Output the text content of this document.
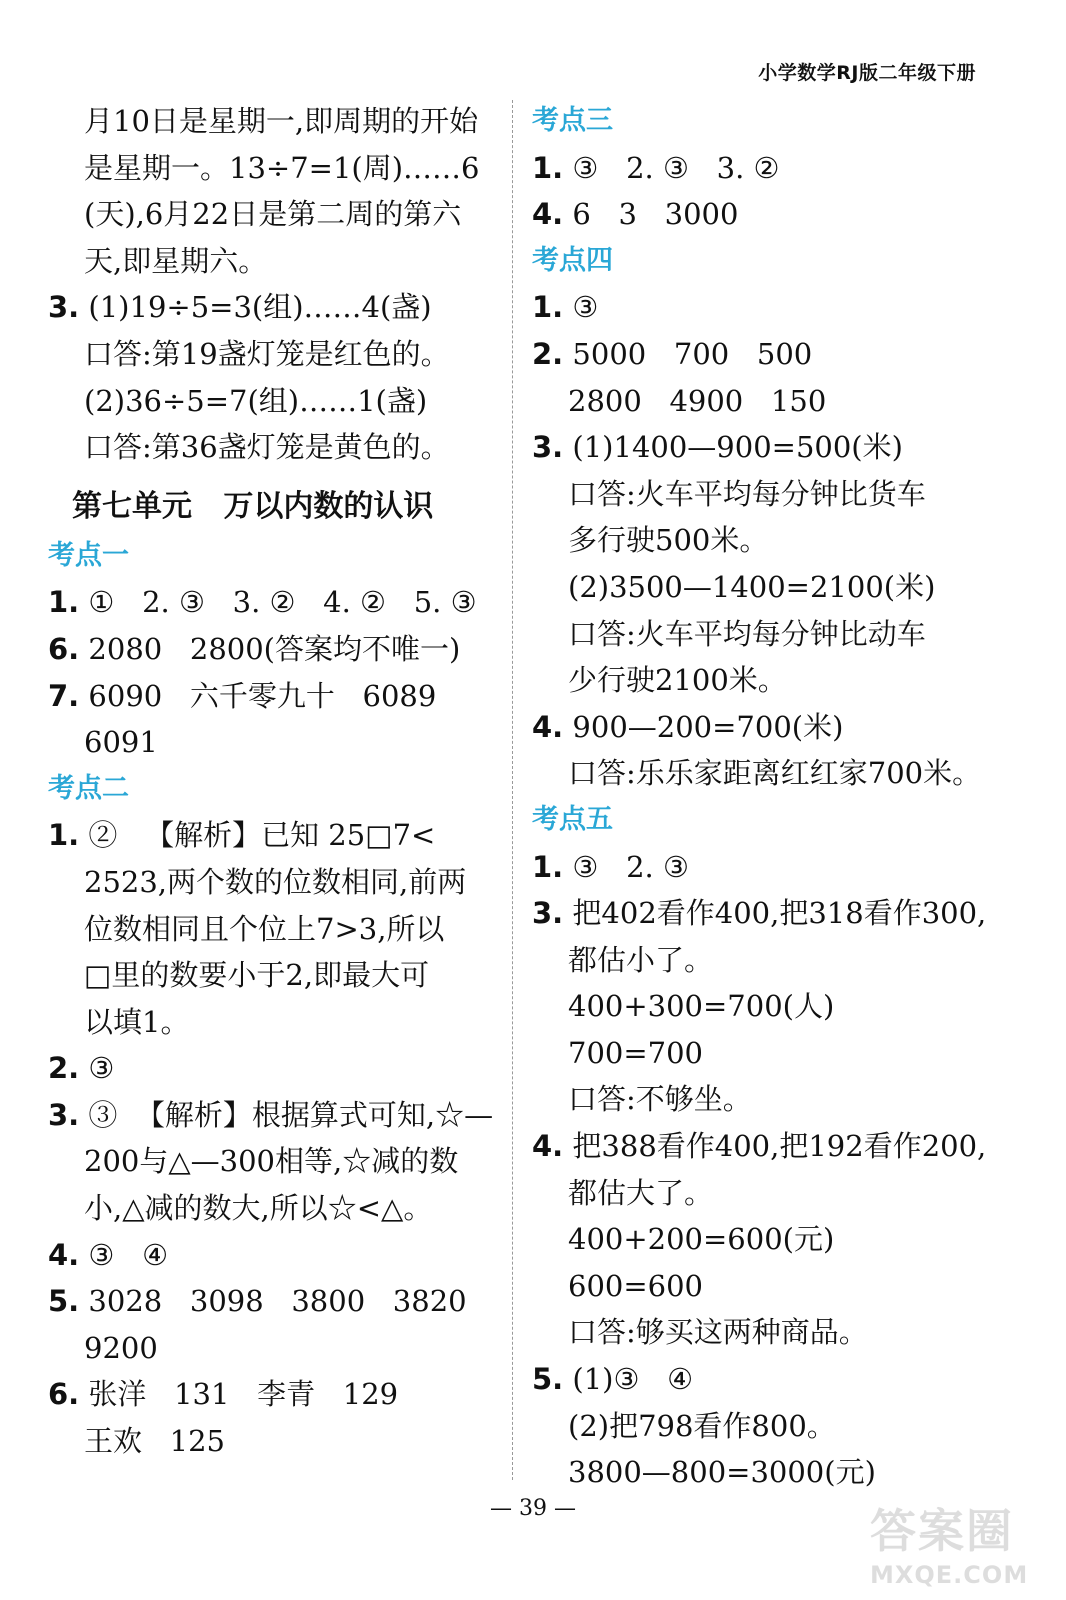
小学数学RJ版二年级下册
月10日是星期一,即周期的开始
是星期一。13÷7=1(周)……6
(天),6月22日是第二周的第六
天,即星期六。
3. (1)19÷5=3(组)……4(盏)
口答:第19盏灯笼是红色的。
(2)36÷5=7(组)……1(盏)
口答:第36盏灯笼是黄色的。
第七单元   万以内数的认识
考点一
1. ①   2. ③   3. ②   4. ②   5. ③
6. 2080   2800(答案均不唯一)
7. 6090   六千零九十   6089
6091
考点二
1. ②   【解析】已知 25□7<
2523,两个数的位数相同,前两
位数相同且个位上7>3,所以
□里的数要小于2,即最大可
以填1。
2. ③
3. ③  【解析】根据算式可知,☆—
200与△—300相等,☆减的数
小,△减的数大,所以☆<△。
4. ③   ④
5. 3028   3098   3800   3820
9200
6. 张洋   131   李青   129
王欢   125
考点三
1. ③   2. ③   3. ②
4. 6   3   3000
考点四
1. ③
2. 5000   700   500
2800   4900   150
3. (1)1400—900=500(米)
口答:火车平均每分钟比货车
多行驶500米。
(2)3500—1400=2100(米)
口答:火车平均每分钟比动车
少行驶2100米。
4. 900—200=700(米)
口答:乐乐家距离红红家700米。
考点五
1. ③   2. ③
3. 把402看作400,把318看作300,
都估小了。
400+300=700(人)
700=700
口答:不够坐。
4. 把388看作400,把192看作200,
都估大了。
400+200=600(元)
600=600
口答:够买这两种商品。
5. (1)③   ④
(2)把798看作800。
3800—800=3000(元)
— 39 —	答案圈
MXQE.COM
